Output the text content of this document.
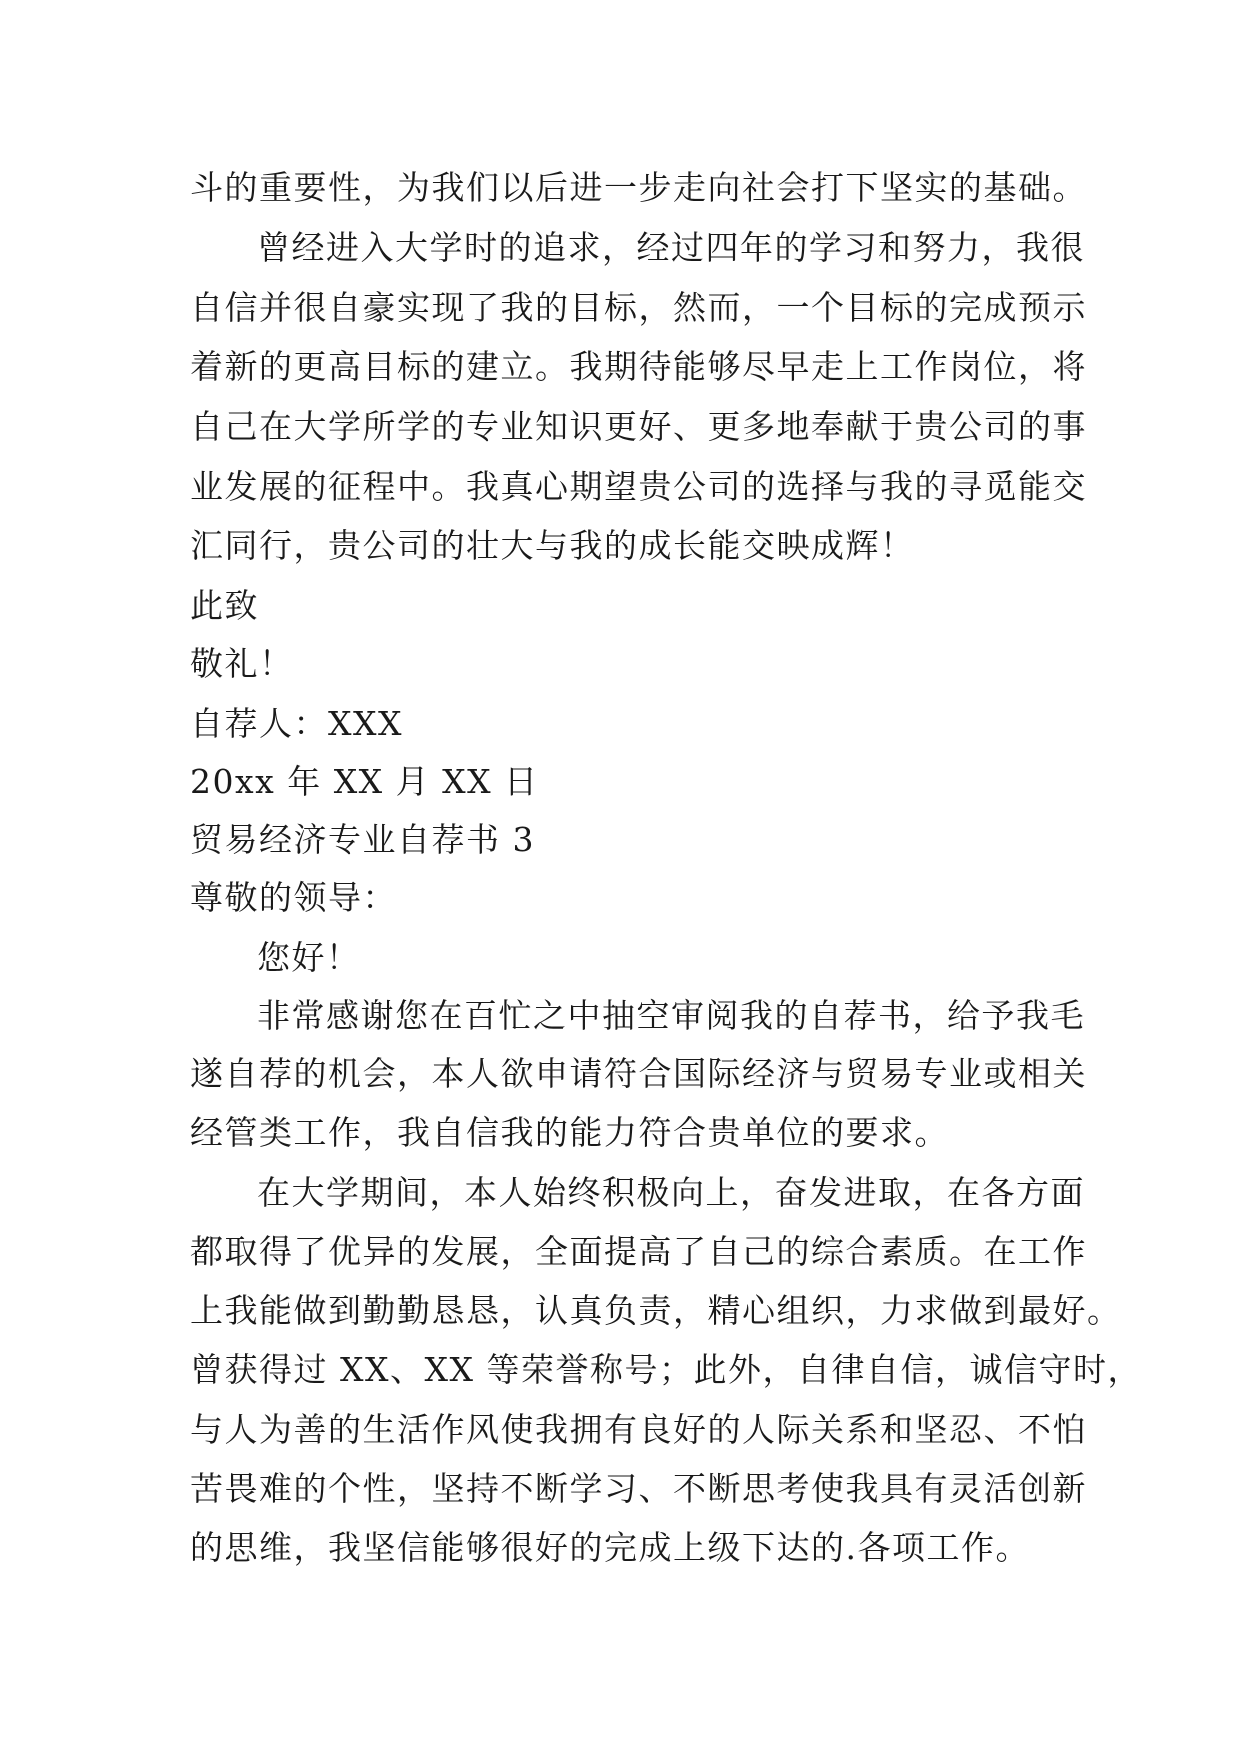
斗的重要性，为我们以后进一步走向社会打下坚实的基础。
曾经进入大学时的追求，经过四年的学习和努力，我很
自信并很自豪实现了我的目标，然而，一个目标的完成预示
着新的更高目标的建立。我期待能够尽早走上工作岗位，将
自己在大学所学的专业知识更好、更多地奉献于贵公司的事
业发展的征程中。我真心期望贵公司的选择与我的寻觅能交
汇同行，贵公司的壮大与我的成长能交映成辉！
此致
敬礼！
自荐人：XXX
20xx 年 XX 月 XX 日
贸易经济专业自荐书 3
尊敬的领导：
您好！
非常感谢您在百忙之中抽空审阅我的自荐书，给予我毛
遂自荐的机会，本人欲申请符合国际经济与贸易专业或相关
经管类工作，我自信我的能力符合贵单位的要求。
在大学期间，本人始终积极向上，奋发进取，在各方面
都取得了优异的发展，全面提高了自己的综合素质。在工作
上我能做到勤勤恳恳，认真负责，精心组织，力求做到最好。
曾获得过 XX、XX 等荣誉称号；此外，自律自信，诚信守时，
与人为善的生活作风使我拥有良好的人际关系和坚忍、不怕
苦畏难的个性，坚持不断学习、不断思考使我具有灵活创新
的思维，我坚信能够很好的完成上级下达的.各项工作。
